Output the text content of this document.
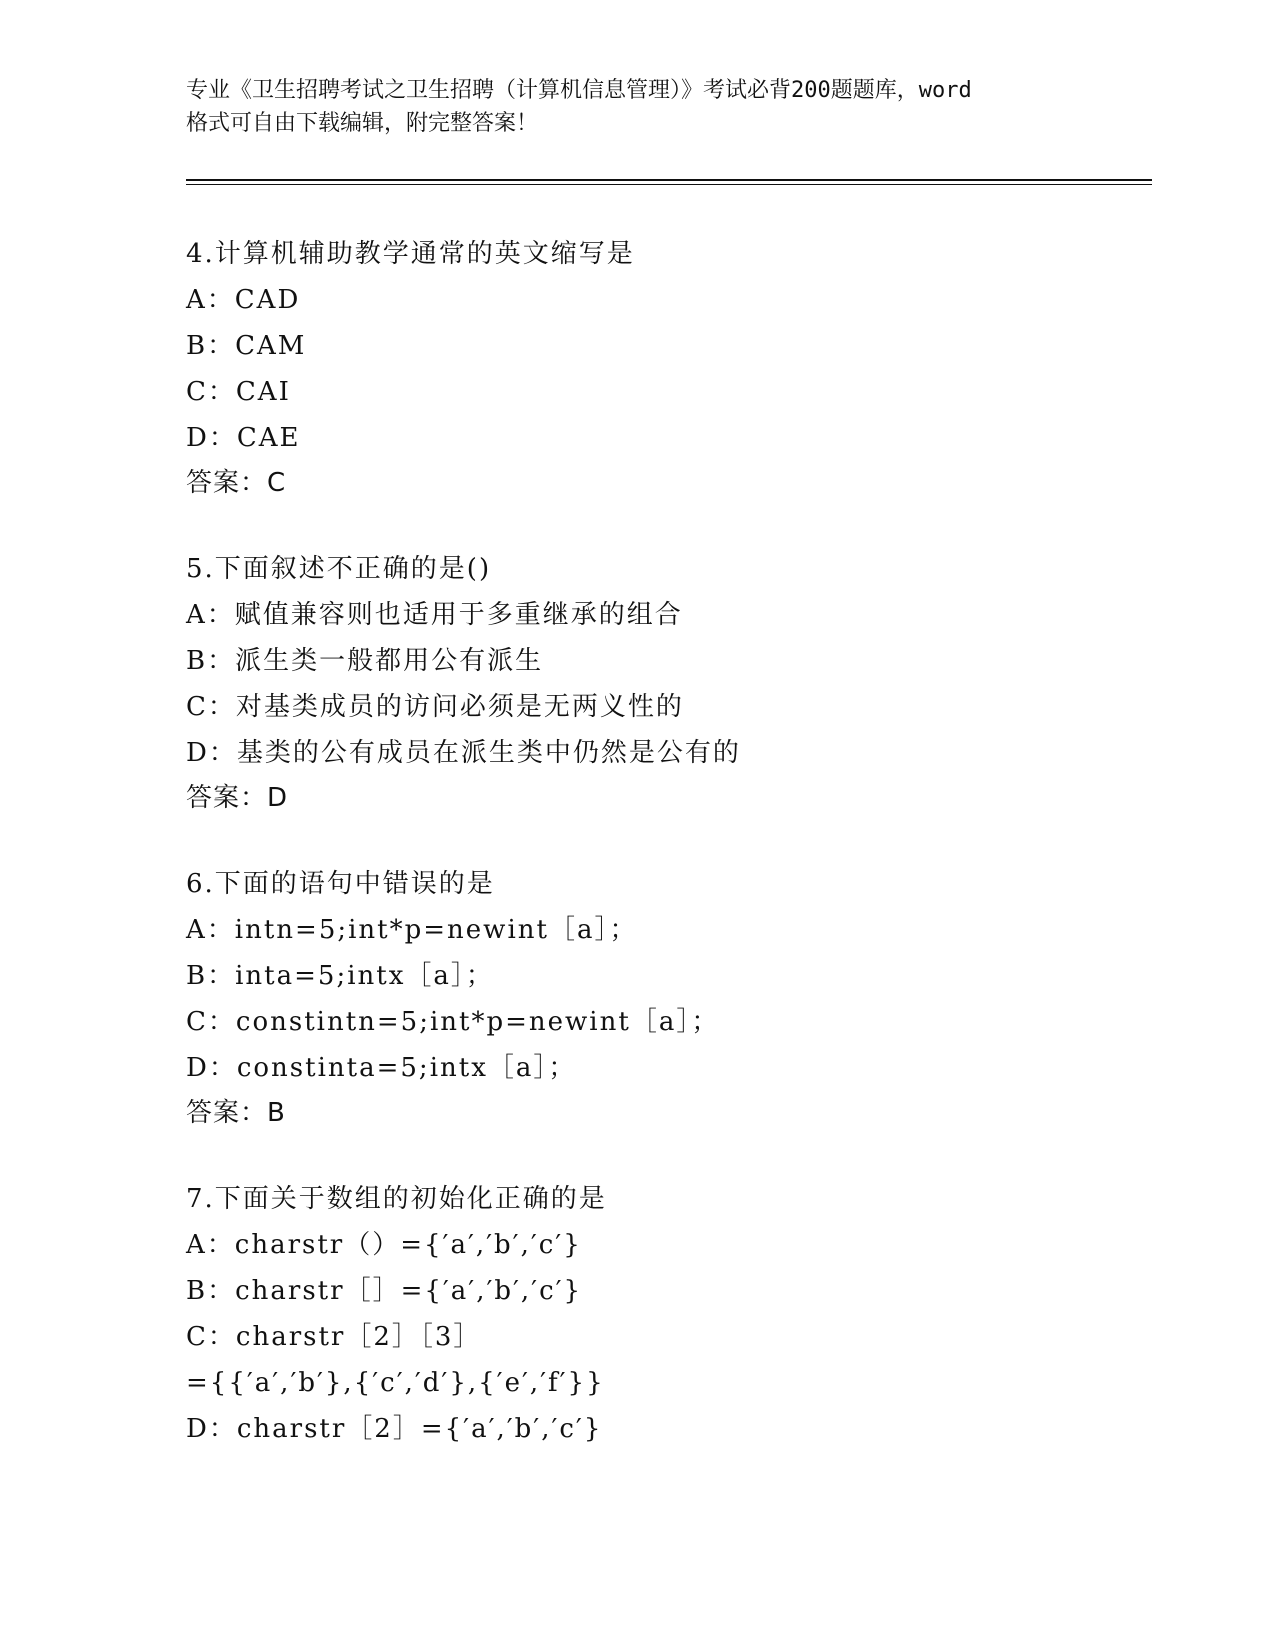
专业《卫生招聘考试之卫生招聘（计算机信息管理）》考试必背200题题库，word
格式可自由下载编辑，附完整答案！
4.计算机辅助教学通常的英文缩写是
A：CAD
B：CAM
C：CAI
D：CAE
答案：C
5.下面叙述不正确的是()
A：赋值兼容则也适用于多重继承的组合
B：派生类一般都用公有派生
C：对基类成员的访问必须是无两义性的
D：基类的公有成员在派生类中仍然是公有的
答案：D
6.下面的语句中错误的是
A：intn=5;int*p=newint［a］；
B：inta=5;intx［a］；
C：constintn=5;int*p=newint［a］；
D：constinta=5;intx［a］；
答案：B
7.下面关于数组的初始化正确的是
A：charstr（）={′a′,′b′,′c′}
B：charstr［］={′a′,′b′,′c′}
C：charstr［2］［3］
={{′a′,′b′},{′c′,′d′},{′e′,′f′}}
D：charstr［2］={′a′,′b′,′c′}
